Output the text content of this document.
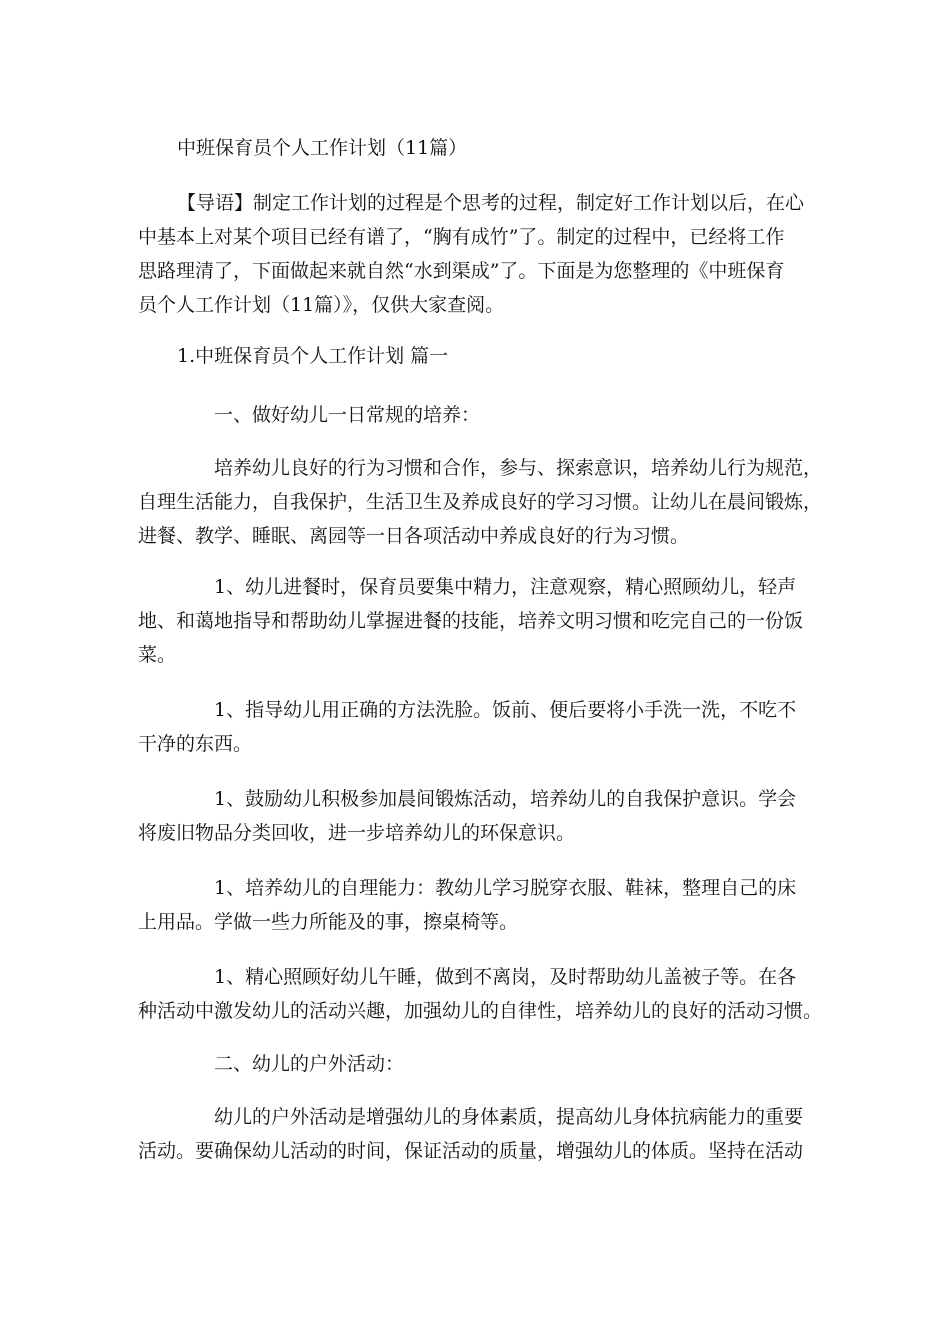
中班保育员个人工作计划（11篇）
【导语】制定工作计划的过程是个思考的过程，制定好工作计划以后，在心
中基本上对某个项目已经有谱了，“胸有成竹”了。制定的过程中，已经将工作
思路理清了，下面做起来就自然“水到渠成”了。下面是为您整理的《中班保育
员个人工作计划（11篇）》，仅供大家查阅。
1.中班保育员个人工作计划 篇一
一、做好幼儿一日常规的培养：
培养幼儿良好的行为习惯和合作，参与、探索意识，培养幼儿行为规范，
自理生活能力，自我保护，生活卫生及养成良好的学习习惯。让幼儿在晨间锻炼，
进餐、教学、睡眠、离园等一日各项活动中养成良好的行为习惯。
1、幼儿进餐时，保育员要集中精力，注意观察，精心照顾幼儿，轻声
地、和蔼地指导和帮助幼儿掌握进餐的技能，培养文明习惯和吃完自己的一份饭
菜。
1、指导幼儿用正确的方法洗脸。饭前、便后要将小手洗一洗，不吃不
干净的东西。
1、鼓励幼儿积极参加晨间锻炼活动，培养幼儿的自我保护意识。学会
将废旧物品分类回收，进一步培养幼儿的环保意识。
1、培养幼儿的自理能力：教幼儿学习脱穿衣服、鞋袜，整理自己的床
上用品。学做一些力所能及的事，擦桌椅等。
1、精心照顾好幼儿午睡，做到不离岗，及时帮助幼儿盖被子等。在各
种活动中激发幼儿的活动兴趣，加强幼儿的自律性，培养幼儿的良好的活动习惯。
二、幼儿的户外活动：
幼儿的户外活动是增强幼儿的身体素质，提高幼儿身体抗病能力的重要
活动。要确保幼儿活动的时间，保证活动的质量，增强幼儿的体质。坚持在活动
